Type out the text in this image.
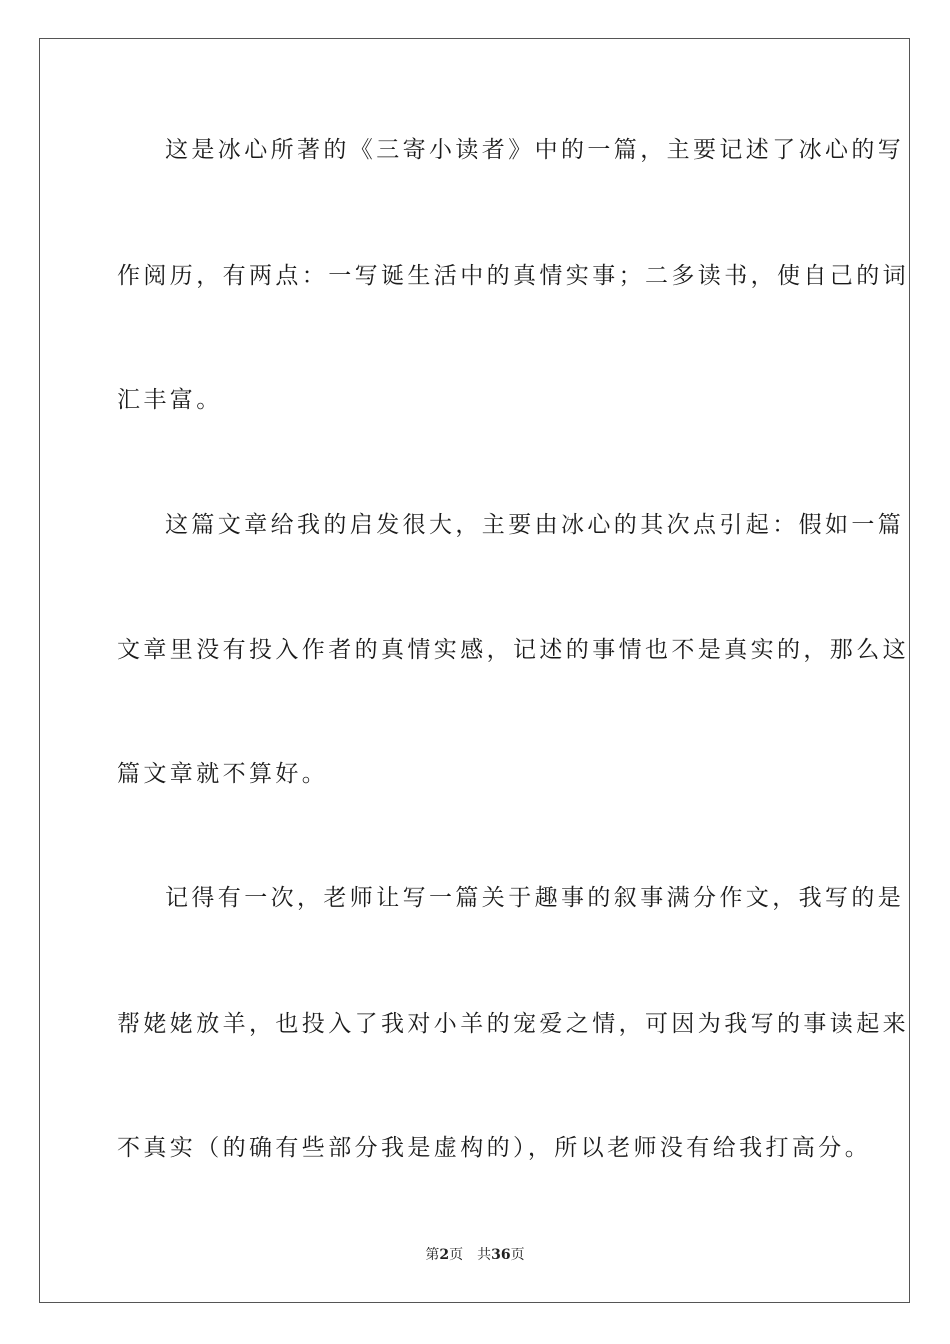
这是冰心所著的《三寄小读者》中的一篇，主要记述了冰心的写
作阅历，有两点：一写诞生活中的真情实事；二多读书，使自己的词
汇丰富。
这篇文章给我的启发很大，主要由冰心的其次点引起：假如一篇
文章里没有投入作者的真情实感，记述的事情也不是真实的，那么这
篇文章就不算好。
记得有一次，老师让写一篇关于趣事的叙事满分作文，我写的是
帮姥姥放羊，也投入了我对小羊的宠爱之情，可因为我写的事读起来
不真实（的确有些部分我是虚构的），所以老师没有给我打高分。
第2页 共36页
